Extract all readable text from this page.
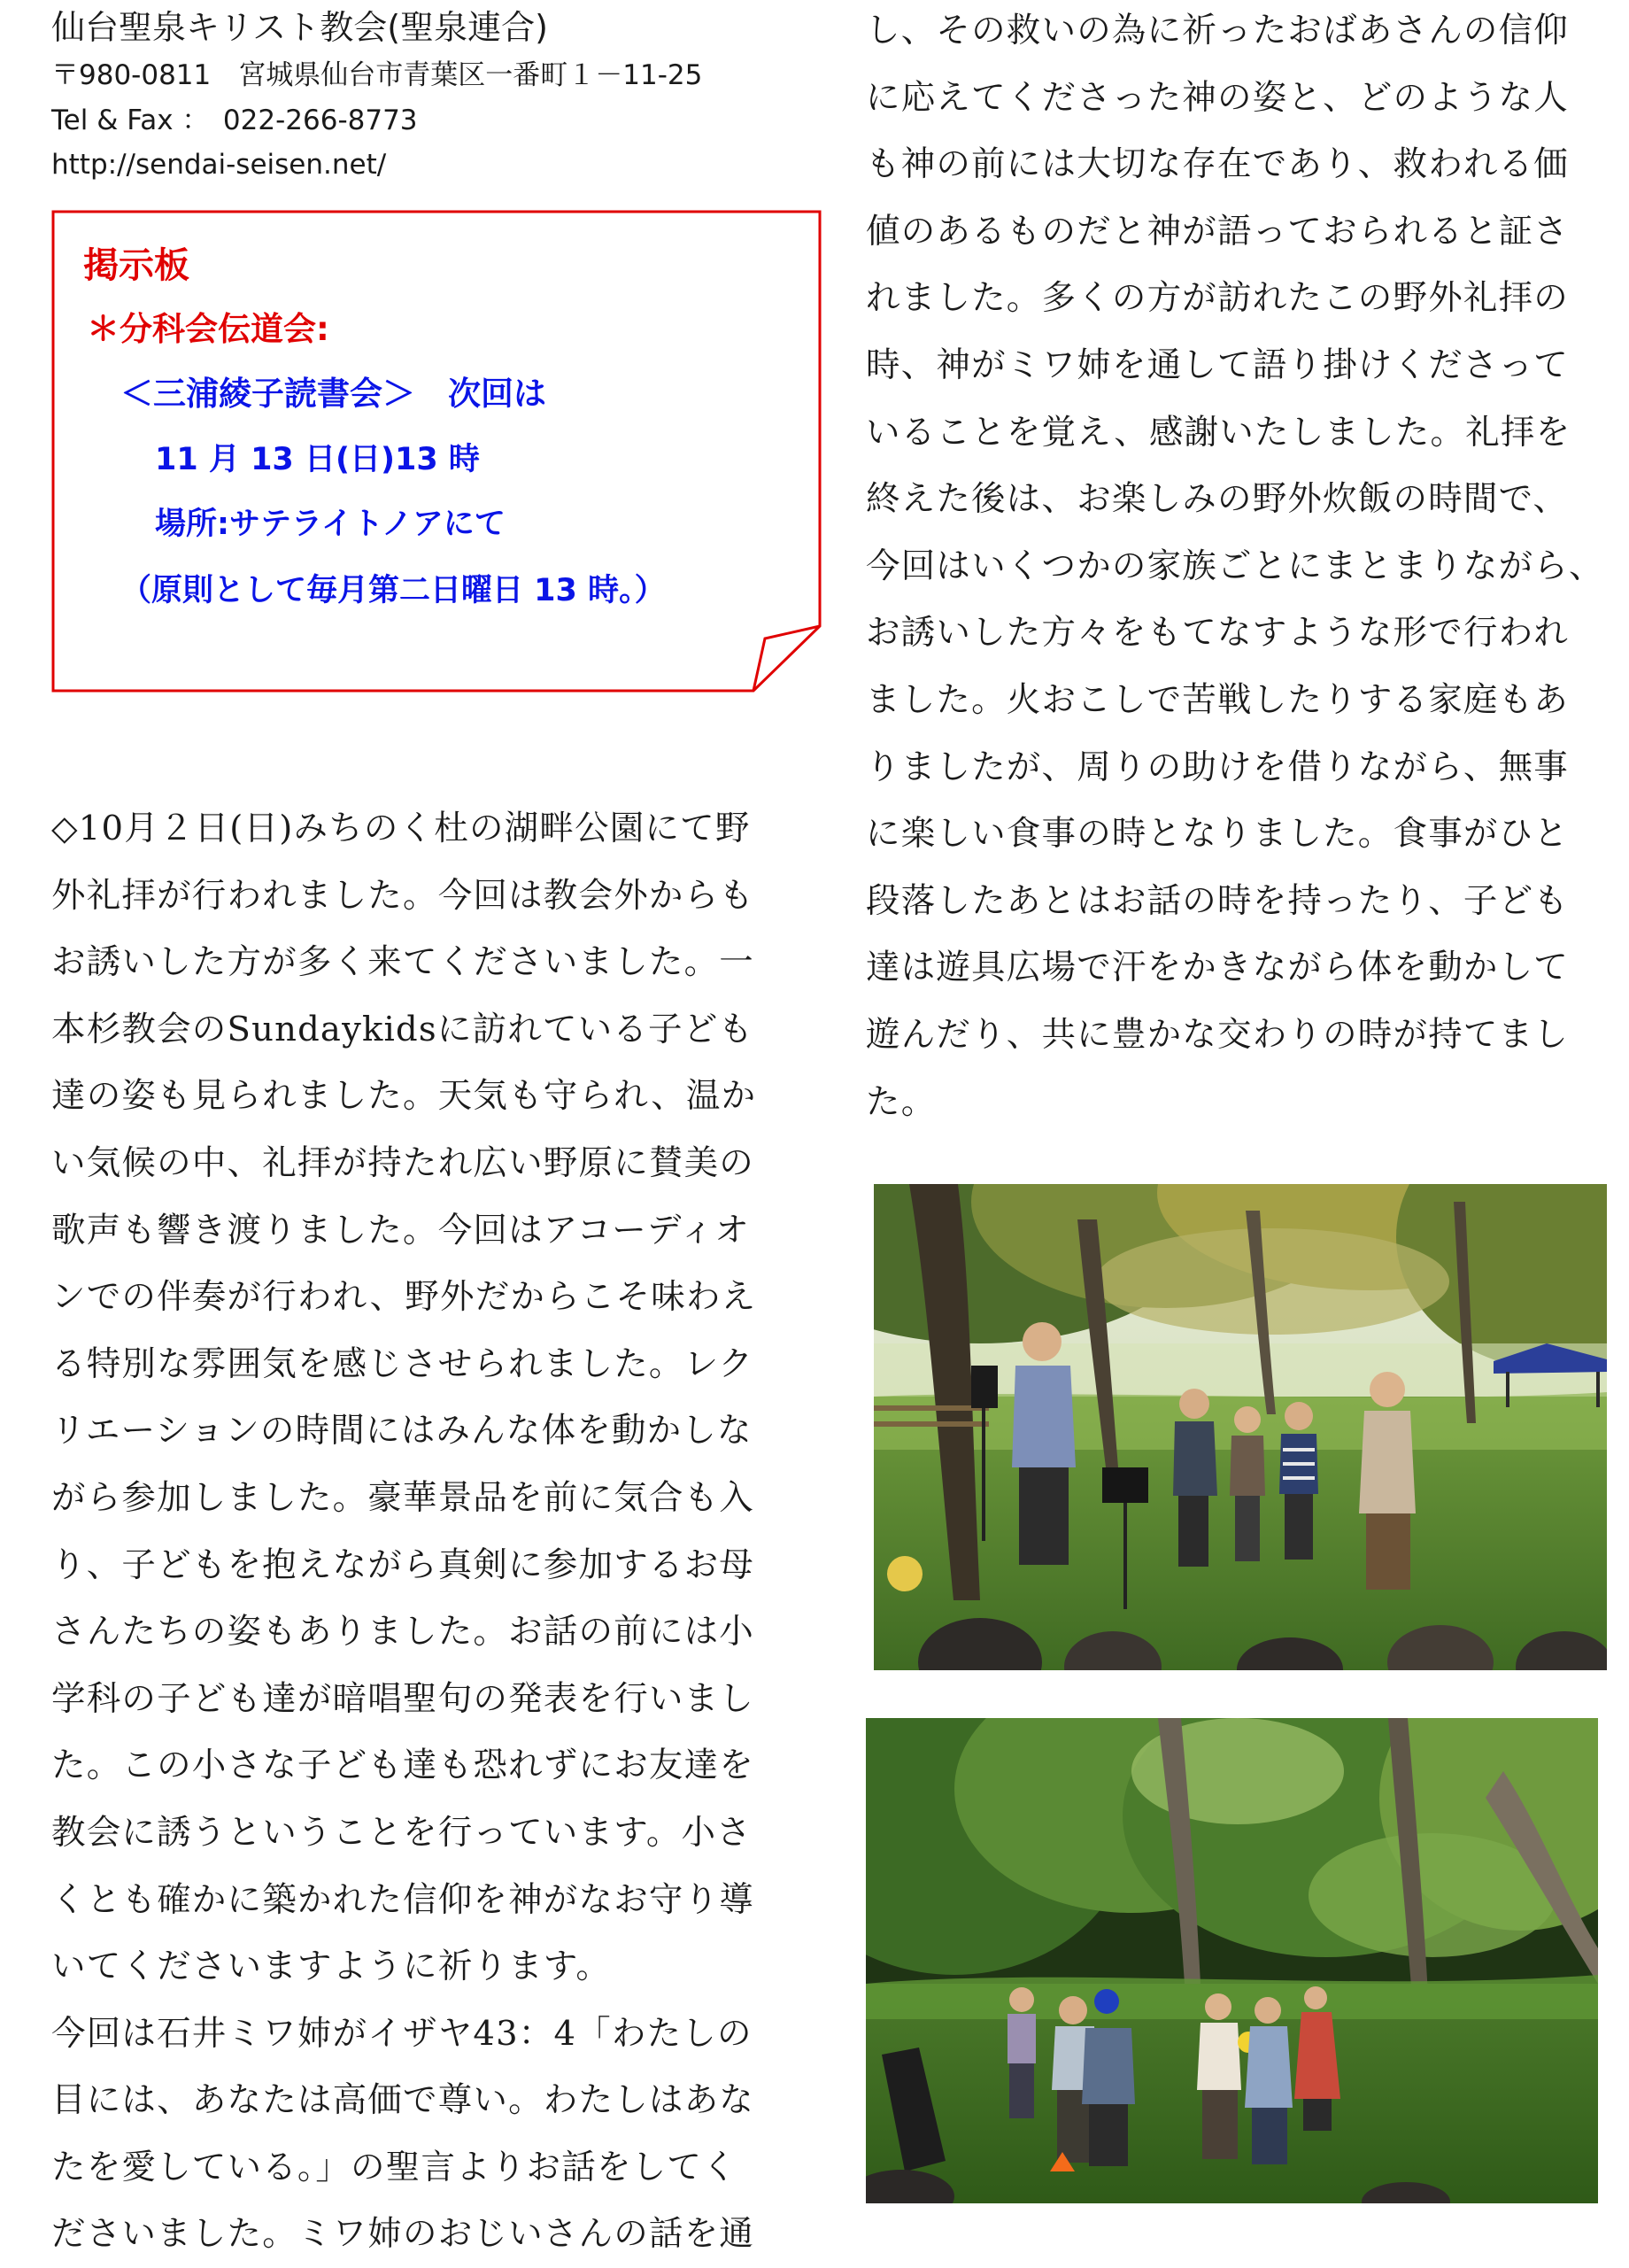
仙台聖泉キリスト教会(聖泉連合)
〒980-0811　宮城県仙台市青葉区一番町１－11-25
Tel & Fax ：　022-266-8773
http://sendai-seisen.net/
掲示板
＊分科会伝道会:
＜三浦綾子読書会＞　次回は
11 月 13 日(日)13 時
場所:サテライトノアにて
（原則として毎月第二日曜日 13 時。）
◇10月２日(日)みちのく杜の湖畔公園にて野
外礼拝が行われました。今回は教会外からも
お誘いした方が多く来てくださいました。一
本杉教会のSundaykidsに訪れている子ども
達の姿も見られました。天気も守られ、温か
い気候の中、礼拝が持たれ広い野原に賛美の
歌声も響き渡りました。今回はアコーディオ
ンでの伴奏が行われ、野外だからこそ味わえ
る特別な雰囲気を感じさせられました。レク
リエーションの時間にはみんな体を動かしな
がら参加しました。豪華景品を前に気合も入
り、子どもを抱えながら真剣に参加するお母
さんたちの姿もありました。お話の前には小
学科の子ども達が暗唱聖句の発表を行いまし
た。この小さな子ども達も恐れずにお友達を
教会に誘うということを行っています。小さ
くとも確かに築かれた信仰を神がなお守り導
いてくださいますように祈ります。
今回は石井ミワ姉がイザヤ43：4「わたしの
目には、あなたは高価で尊い。わたしはあな
たを愛している。」の聖言よりお話をしてく
ださいました。ミワ姉のおじいさんの話を通
し、その救いの為に祈ったおばあさんの信仰
に応えてくださった神の姿と、どのような人
も神の前には大切な存在であり、救われる価
値のあるものだと神が語っておられると証さ
れました。多くの方が訪れたこの野外礼拝の
時、神がミワ姉を通して語り掛けくださって
いることを覚え、感謝いたしました。礼拝を
終えた後は、お楽しみの野外炊飯の時間で、
今回はいくつかの家族ごとにまとまりながら、
お誘いした方々をもてなすような形で行われ
ました。火おこしで苦戦したりする家庭もあ
りましたが、周りの助けを借りながら、無事
に楽しい食事の時となりました。食事がひと
段落したあとはお話の時を持ったり、子ども
達は遊具広場で汗をかきながら体を動かして
遊んだり、共に豊かな交わりの時が持てまし
た。
